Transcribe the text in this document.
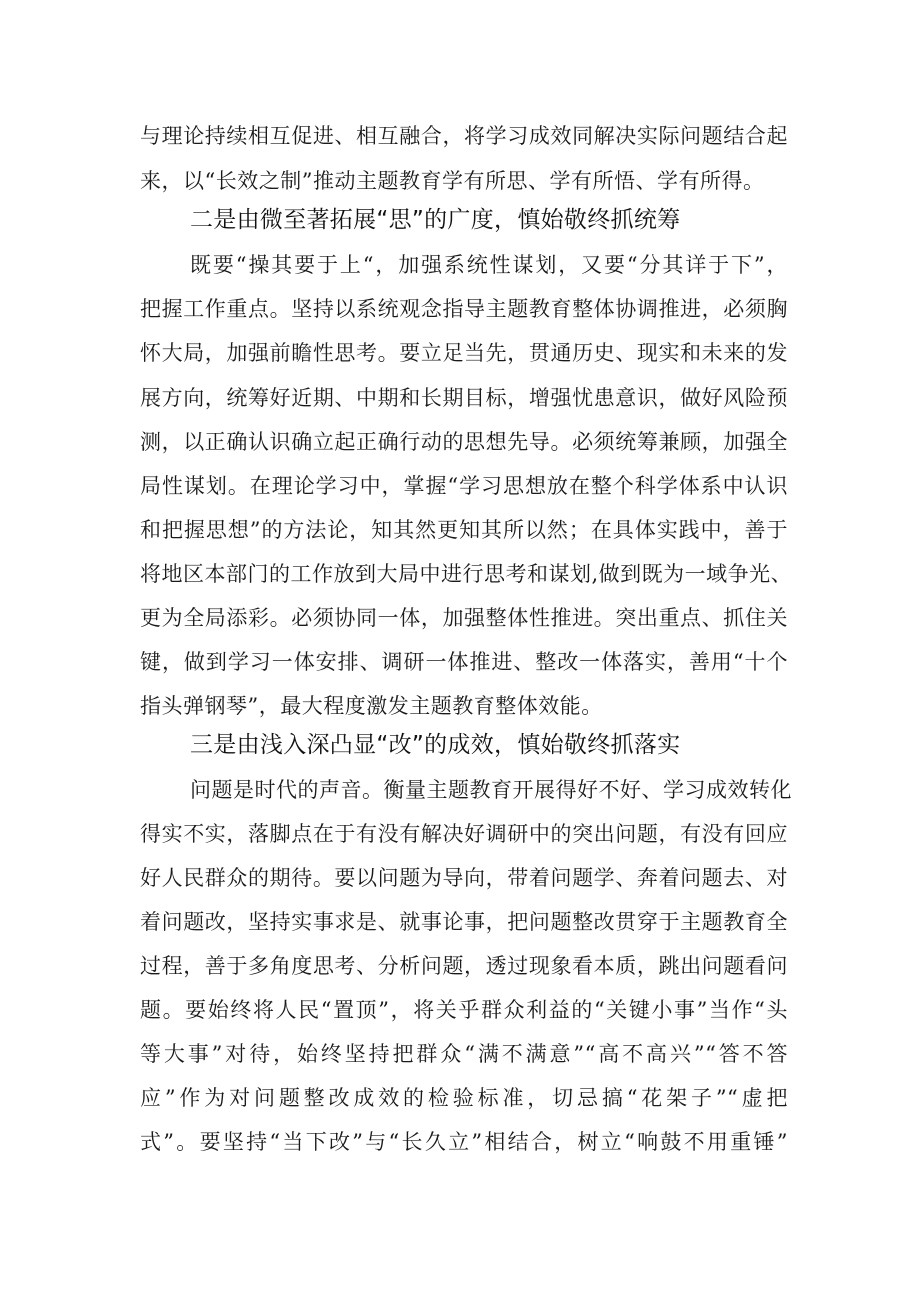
与理论持续相互促进、相互融合，将学习成效同解决实际问题结合起
来，以“长效之制”推动主题教育学有所思、学有所悟、学有所得。
二是由微至著拓展“思”的广度，慎始敬终抓统筹
既要“操其要于上“，加强系统性谋划，又要“分其详于下”，
把握工作重点。坚持以系统观念指导主题教育整体协调推进，必须胸
怀大局，加强前瞻性思考。要立足当先，贯通历史、现实和未来的发
展方向，统筹好近期、中期和长期目标，增强忧患意识，做好风险预
测，以正确认识确立起正确行动的思想先导。必须统筹兼顾，加强全
局性谋划。在理论学习中，掌握“学习思想放在整个科学体系中认识
和把握思想”的方法论，知其然更知其所以然；在具体实践中，善于
将地区本部门的工作放到大局中进行思考和谋划,做到既为一域争光、
更为全局添彩。必须协同一体，加强整体性推进。突出重点、抓住关
键，做到学习一体安排、调研一体推进、整改一体落实，善用“十个
指头弹钢琴”，最大程度激发主题教育整体效能。
三是由浅入深凸显“改”的成效，慎始敬终抓落实
问题是时代的声音。衡量主题教育开展得好不好、学习成效转化
得实不实，落脚点在于有没有解决好调研中的突出问题，有没有回应
好人民群众的期待。要以问题为导向，带着问题学、奔着问题去、对
着问题改，坚持实事求是、就事论事，把问题整改贯穿于主题教育全
过程，善于多角度思考、分析问题，透过现象看本质，跳出问题看问
题。要始终将人民“置顶”，将关乎群众利益的“关键小事”当作“头
等大事”对待，始终坚持把群众“满不满意”“高不高兴”“答不答
应”作为对问题整改成效的检验标准，切忌搞“花架子”“虚把
式”。要坚持“当下改”与“长久立”相结合，树立“响鼓不用重锤”
